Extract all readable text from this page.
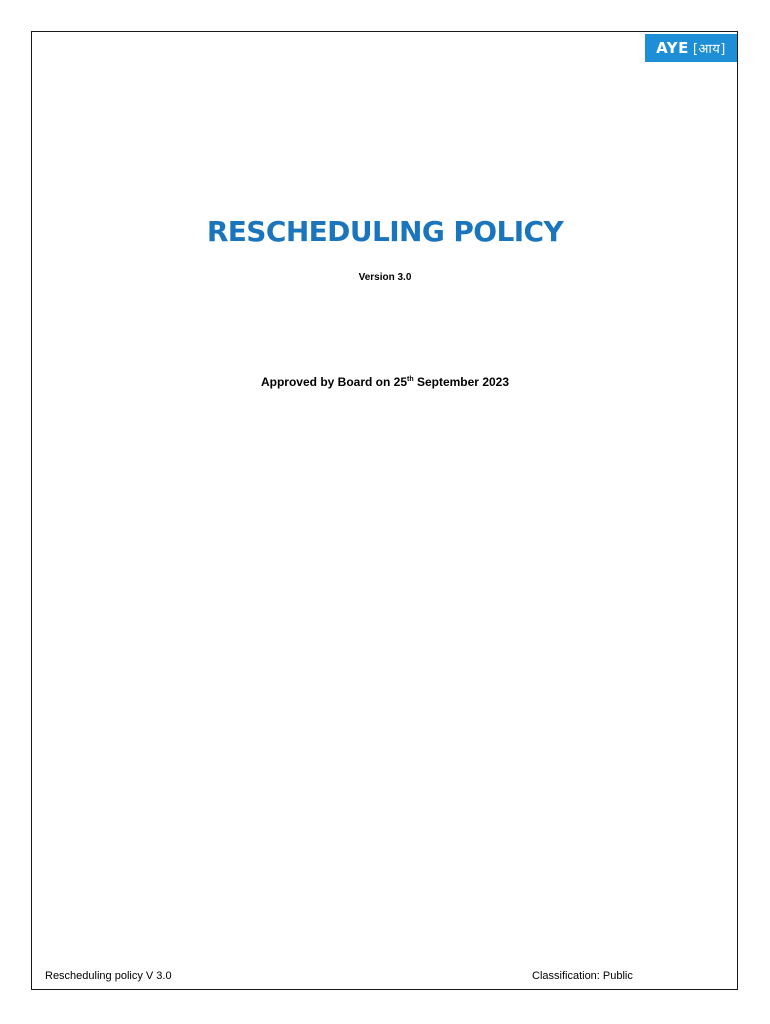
AYE [आय]
RESCHEDULING POLICY
Version 3.0
Approved by Board on 25th September 2023
Rescheduling policy V 3.0	Classification: Public
